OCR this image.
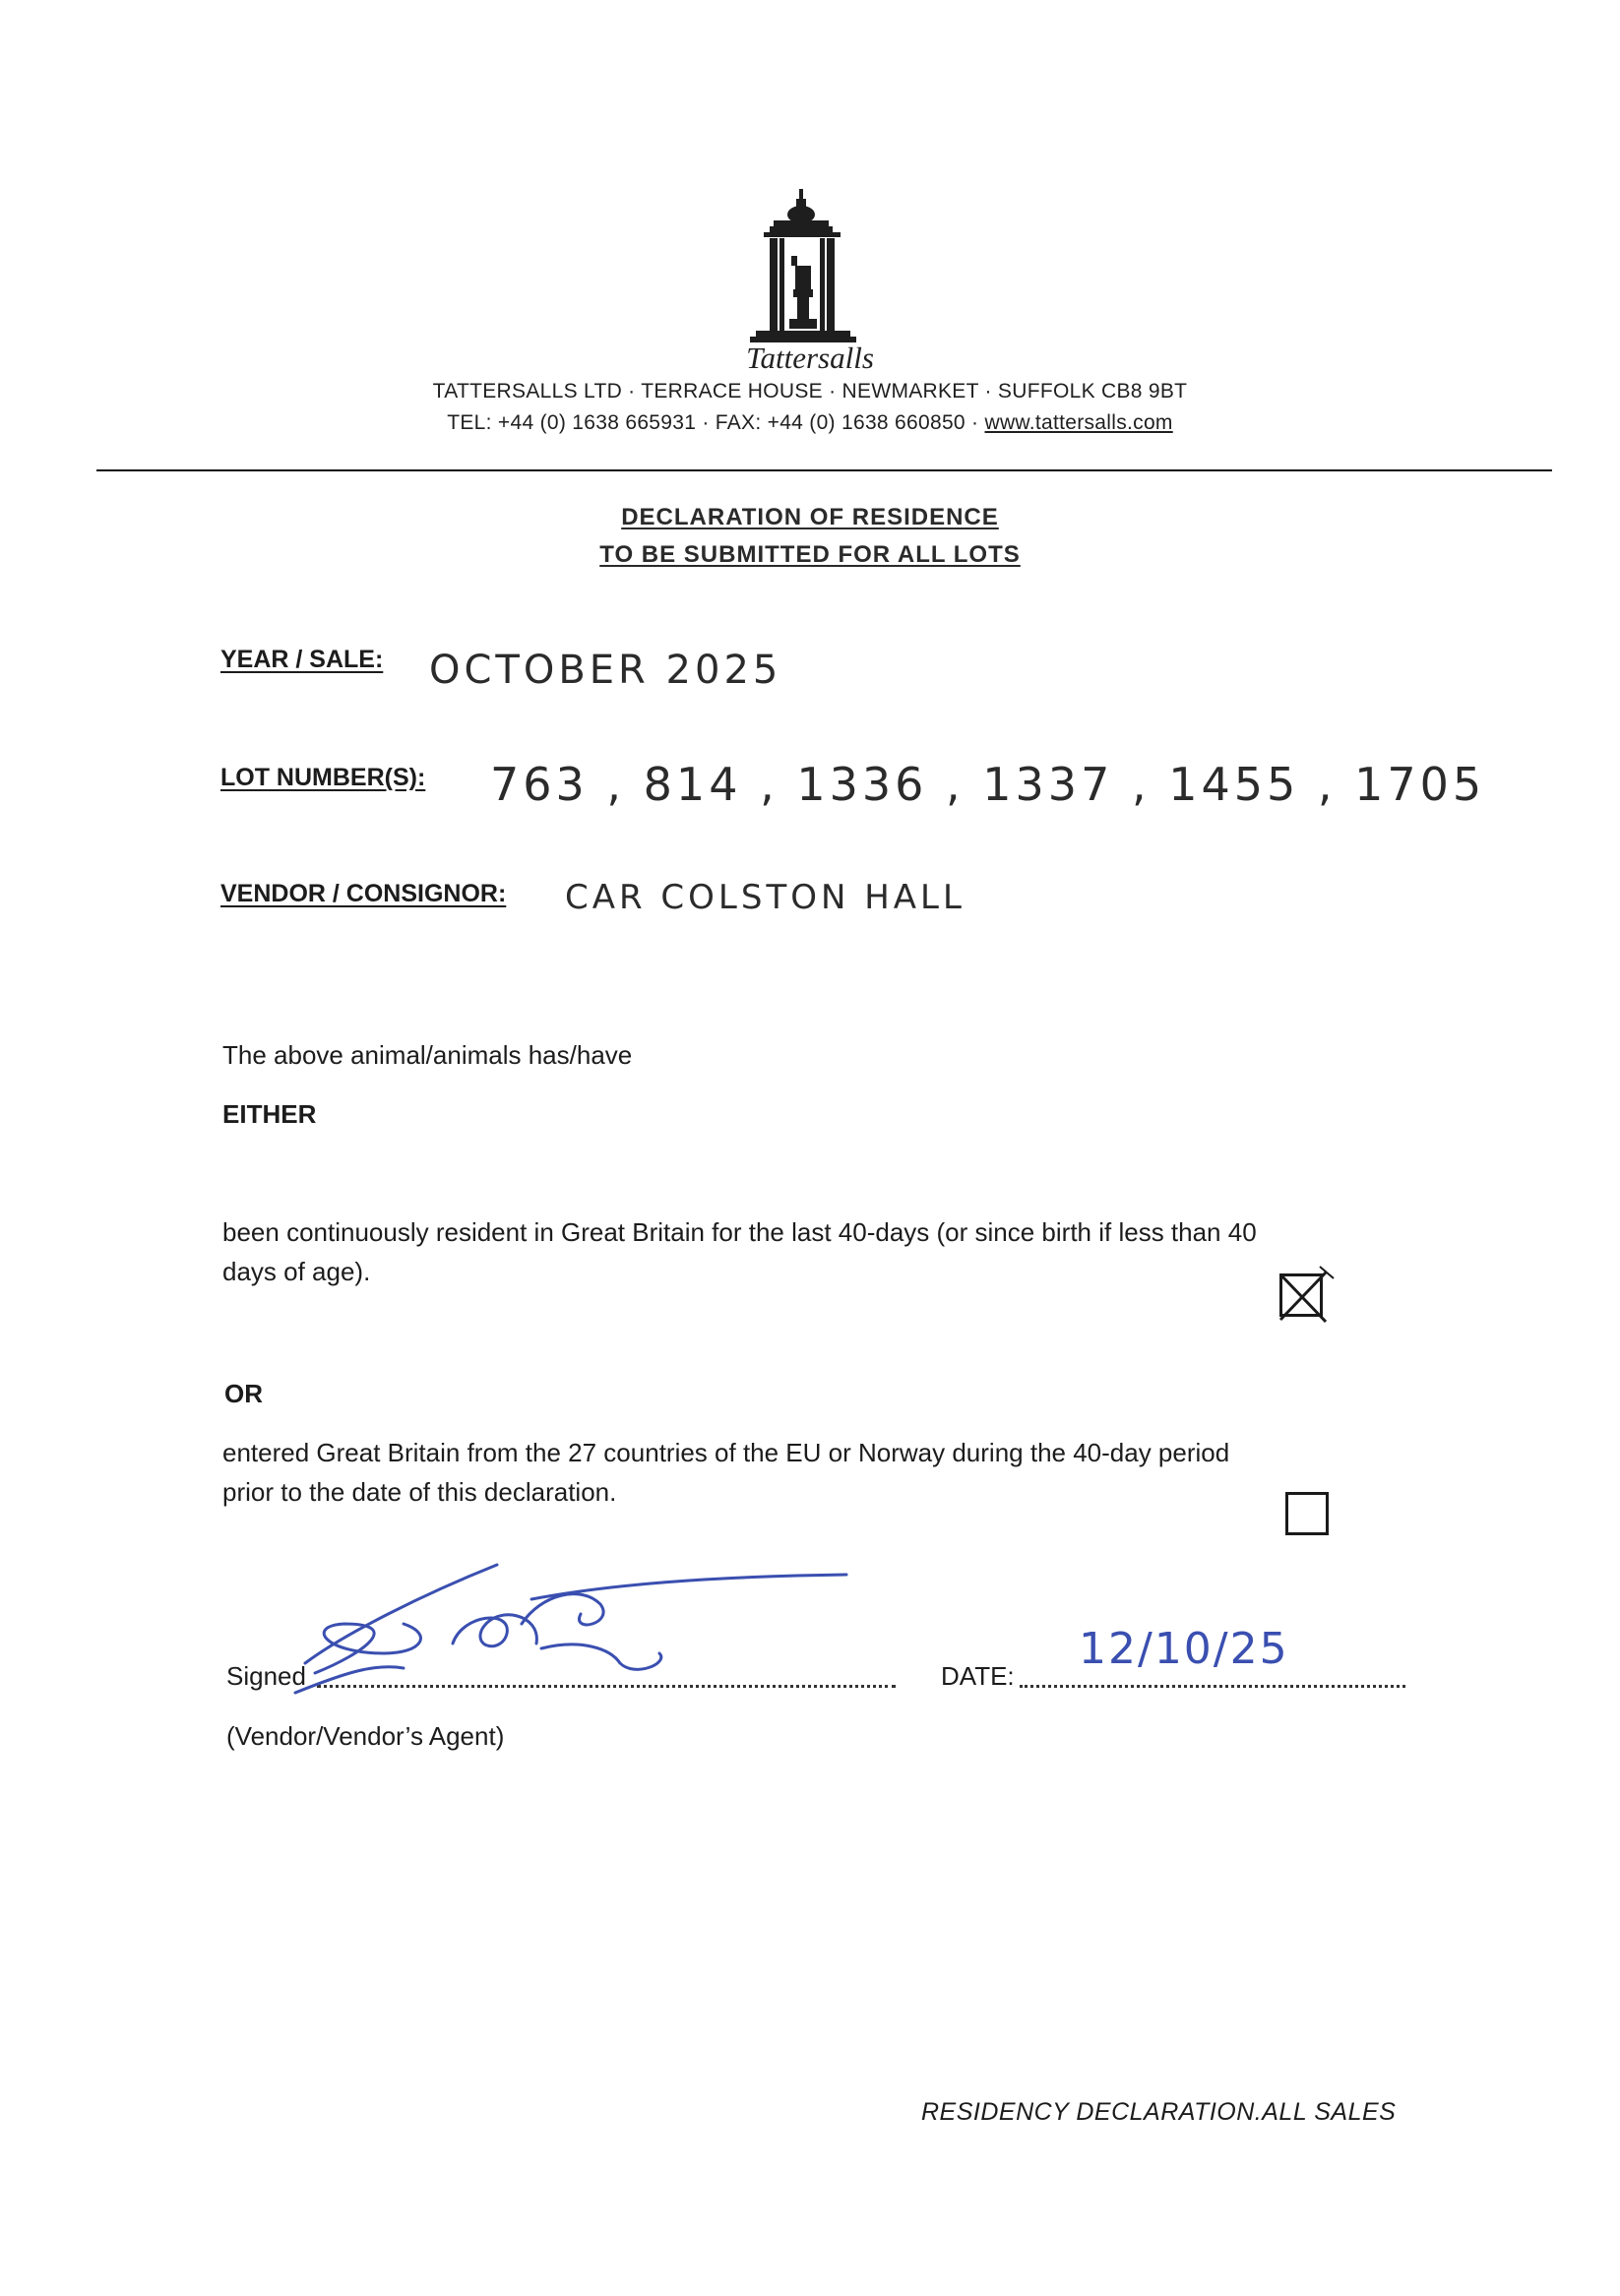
Tattersalls
TATTERSALLS LTD · TERRACE HOUSE · NEWMARKET · SUFFOLK CB8 9BT
TEL: +44 (0) 1638 665931 · FAX: +44 (0) 1638 660850 · www.tattersalls.com
DECLARATION OF RESIDENCE
TO BE SUBMITTED FOR ALL LOTS
YEAR / SALE: OCTOBER 2025
LOT NUMBER(S): 763 , 814 , 1336 , 1337 , 1455 , 1705
VENDOR / CONSIGNOR: CAR COLSTON HALL
The above animal/animals has/have
EITHER
been continuously resident in Great Britain for the last 40-days (or since birth if less than 40
days of age).
OR
entered Great Britain from the 27 countries of the EU or Norway during the 40-day period
prior to the date of this declaration.
Signed	DATE:
12/10/25
(Vendor/Vendor’s Agent)
RESIDENCY DECLARATION.ALL SALES
